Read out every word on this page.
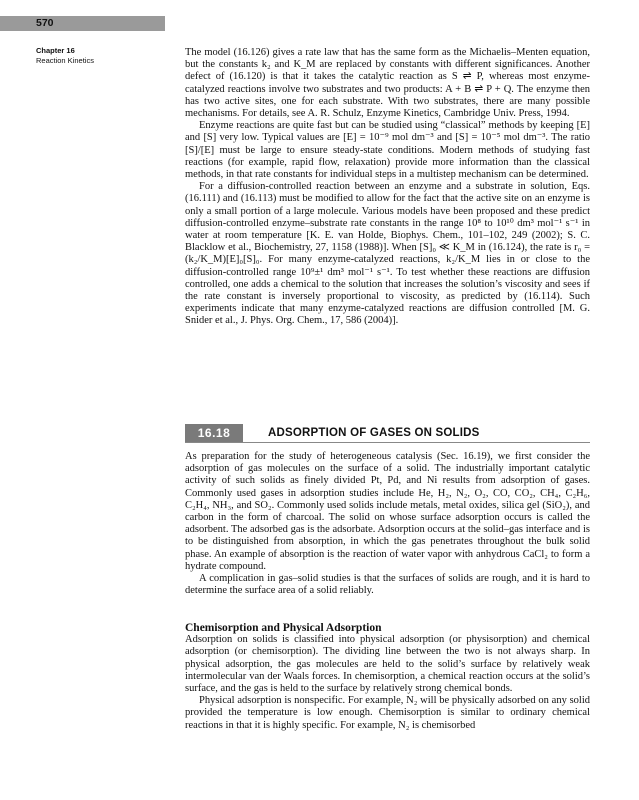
570
Chapter 16
Reaction Kinetics

The model (16.126) gives a rate law that has the same form as the Michaelis–Menten equation, but the constants k₂ and K_M are replaced by constants with different significances. Another defect of (16.120) is that it takes the catalytic reaction as S ⇌ P, whereas most enzyme-catalyzed reactions involve two substrates and two products: A + B ⇌ P + Q. The enzyme then has two active sites, one for each substrate. With two substrates, there are many possible mechanisms. For details, see A. R. Schulz, Enzyme Kinetics, Cambridge Univ. Press, 1994.

Enzyme reactions are quite fast but can be studied using “classical” methods by keeping [E] and [S] very low. Typical values are [E] = 10⁻⁹ mol dm⁻³ and [S] = 10⁻⁵ mol dm⁻³. The ratio [S]/[E] must be large to ensure steady-state conditions. Modern methods of studying fast reactions (for example, rapid flow, relaxation) provide more information than the classical methods, in that rate constants for individual steps in a multistep mechanism can be determined.

For a diffusion-controlled reaction between an enzyme and a substrate in solution, Eqs. (16.111) and (16.113) must be modified to allow for the fact that the active site on an enzyme is only a small portion of a large molecule. Various models have been proposed and these predict diffusion-controlled enzyme–substrate rate constants in the range 10⁸ to 10¹⁰ dm³ mol⁻¹ s⁻¹ in water at room temperature [K. E. van Holde, Biophys. Chem., 101–102, 249 (2002); S. C. Blacklow et al., Biochemistry, 27, 1158 (1988)]. When [S]₀ ≪ K_M in (16.124), the rate is r₀ = (k₂/K_M)[E]₀[S]₀. For many enzyme-catalyzed reactions, k₂/K_M lies in or close to the diffusion-controlled range 10⁹±¹ dm³ mol⁻¹ s⁻¹. To test whether these reactions are diffusion controlled, one adds a chemical to the solution that increases the solution’s viscosity and sees if the rate constant is inversely proportional to viscosity, as predicted by (16.114). Such experiments indicate that many enzyme-catalyzed reactions are diffusion controlled [M. G. Snider et al., J. Phys. Org. Chem., 17, 586 (2004)].

16.18	ADSORPTION OF GASES ON SOLIDS

As preparation for the study of heterogeneous catalysis (Sec. 16.19), we first consider the adsorption of gas molecules on the surface of a solid. The industrially important catalytic activity of such solids as finely divided Pt, Pd, and Ni results from adsorption of gases. Commonly used gases in adsorption studies include He, H₂, N₂, O₂, CO, CO₂, CH₄, C₂H₆, C₂H₄, NH₃, and SO₂. Commonly used solids include metals, metal oxides, silica gel (SiO₂), and carbon in the form of charcoal. The solid on whose surface adsorption occurs is called the adsorbent. The adsorbed gas is the adsorbate. Adsorption occurs at the solid–gas interface and is to be distinguished from absorption, in which the gas penetrates throughout the bulk solid phase. An example of absorption is the reaction of water vapor with anhydrous CaCl₂ to form a hydrate compound.

A complication in gas–solid studies is that the surfaces of solids are rough, and it is hard to determine the surface area of a solid reliably.

Chemisorption and Physical Adsorption

Adsorption on solids is classified into physical adsorption (or physisorption) and chemical adsorption (or chemisorption). The dividing line between the two is not always sharp. In physical adsorption, the gas molecules are held to the solid’s surface by relatively weak intermolecular van der Waals forces. In chemisorption, a chemical reaction occurs at the solid’s surface, and the gas is held to the surface by relatively strong chemical bonds.

Physical adsorption is nonspecific. For example, N₂ will be physically adsorbed on any solid provided the temperature is low enough. Chemisorption is similar to ordinary chemical reactions in that it is highly specific. For example, N₂ is chemisorbed
